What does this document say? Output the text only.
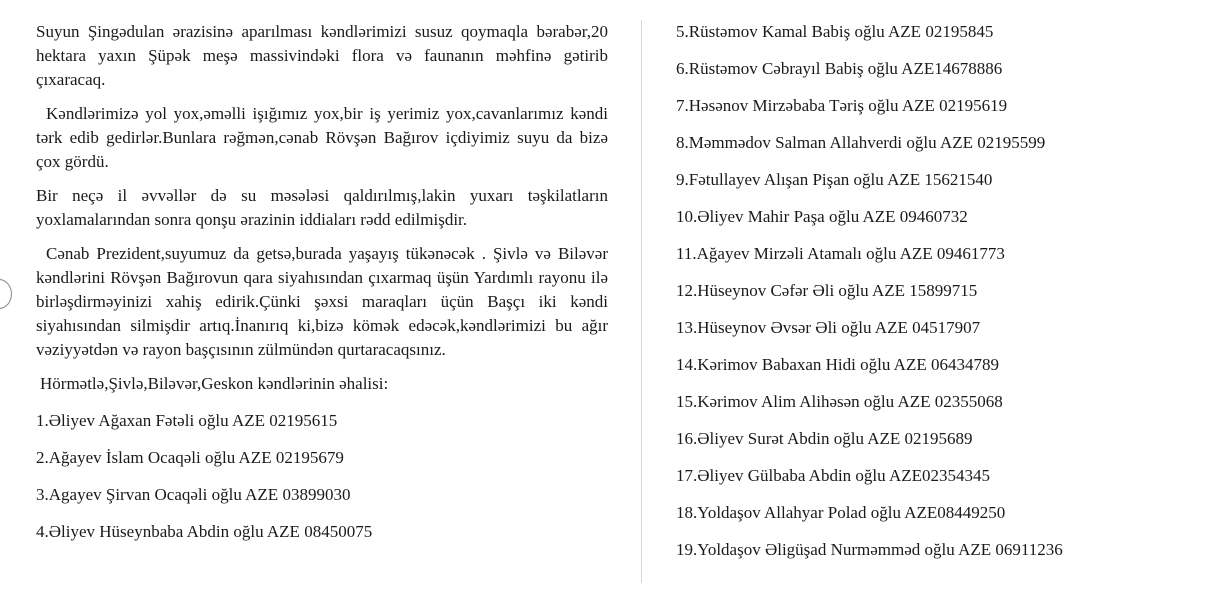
Suyun Şingədulan ərazisinə aparılması kəndlərimizi susuz qoymaqla bərabər,20 hektara yaxın Şüpək meşə massivindəki flora və faunanın məhfinə gətirib çıxaracaq.

Kəndlərimizə yol yox,əməlli işığımız yox,bir iş yerimiz yox,cavanlarımız kəndi tərk edib gedirlər.Bunlara rəğmən,cənab Rövşən Bağırov içdiyimiz suyu da bizə çox gördü.

Bir neçə il əvvəllər də su məsələsi qaldırılmış,lakin yuxarı təşkilatların yoxlamalarından sonra qonşu ərazinin iddiaları rədd edilmişdir.

Cənab Prezident,suyumuz da getsə,burada yaşayış tükənəcək . Şivlə və Biləvər kəndlərini Rövşən Bağırovun qara siyahısından çıxarmaq üşün Yardımlı rayonu ilə birləşdirməyinizi xahiş edirik.Çünki şəxsi maraqları üçün Başçı iki kəndi siyahısından silmişdir artıq.İnanırıq ki,bizə kömək edəcək,kəndlərimizi bu ağır vəziyyətdən və rayon başçısının zülmündən qurtaracaqsınız.

Hörmətlə,Şivlə,Biləvər,Geskon kəndlərinin əhalisi:

1.Əliyev Ağaxan Fətəli oğlu AZE 02195615
2.Ağayev İslam Ocaqəli oğlu AZE 02195679
3.Agayev Şirvan Ocaqəli oğlu AZE 03899030
4.Əliyev Hüseynbaba Abdin oğlu AZE 08450075
5.Rüstəmov Kamal Babiş oğlu AZE 02195845
6.Rüstəmov Cəbrayıl Babiş oğlu AZE14678886
7.Həsənov Mirzəbaba Təriş oğlu AZE 02195619
8.Məmmədov Salman Allahverdi oğlu AZE 02195599
9.Fətullayev Alışan Pişan oğlu AZE 15621540
10.Əliyev Mahir Paşa oğlu AZE 09460732
11.Ağayev Mirzəli Atamalı oğlu AZE 09461773
12.Hüseynov Cəfər Əli oğlu AZE 15899715
13.Hüseynov Əvsər Əli oğlu AZE 04517907
14.Kərimov Babaxan Hidi oğlu AZE 06434789
15.Kərimov Alim Alihəsən oğlu AZE 02355068
16.Əliyev Surət Abdin oğlu AZE 02195689
17.Əliyev Gülbaba Abdin oğlu AZE02354345
18.Yoldaşov Allahyar Polad oğlu AZE08449250
19.Yoldaşov Əligüşad Nurməmməd oğlu AZE 06911236
